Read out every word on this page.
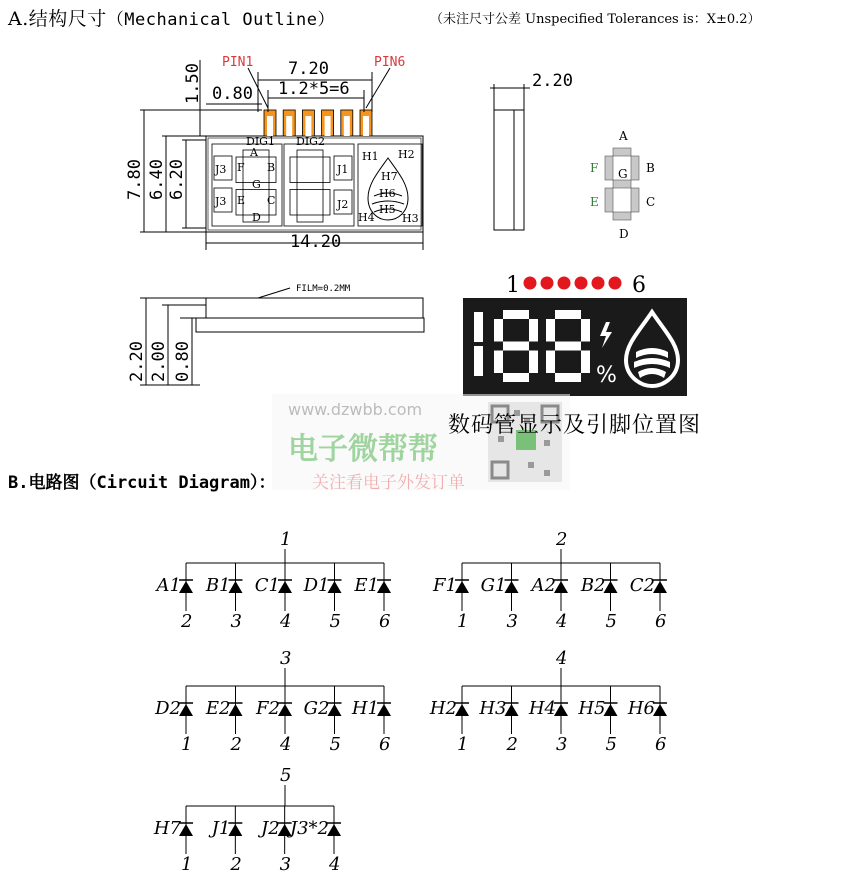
A.结构尺寸（Mechanical Outline）	（未注尺寸公差 Unspecified Tolerances is：X±0.2）
7.20
1.2*5=6
0.80
14.20
1.50
7.80 6.40 6.20
PIN1	PIN6
DIG1 DIG2
A
F B
G
E C
D
J3
J3
J1
J2
H1 H2
H7
H6
H5
H4 H3
2.20
A
F	B
G
E	C
D
FILM=0.2MM
2.20 2.00 0.80
1	6
%
1
A1
2
B1
3
C1
4
D1
5
E1
6
2
F1
1
G1
3
A2
4
B2
5
C2
6
3
D2
1
E2
2
F2
4
G2
5
H1
6
4
H2
1
H3
2
H4
3
H5
5
H6
6
5
H7
1
J1
2
J2
3
J3*2
4
数码管显示及引脚位置图
www.dzwbb.com
电子微帮帮
关注看电子外发订单
B.电路图（Circuit Diagram）：
